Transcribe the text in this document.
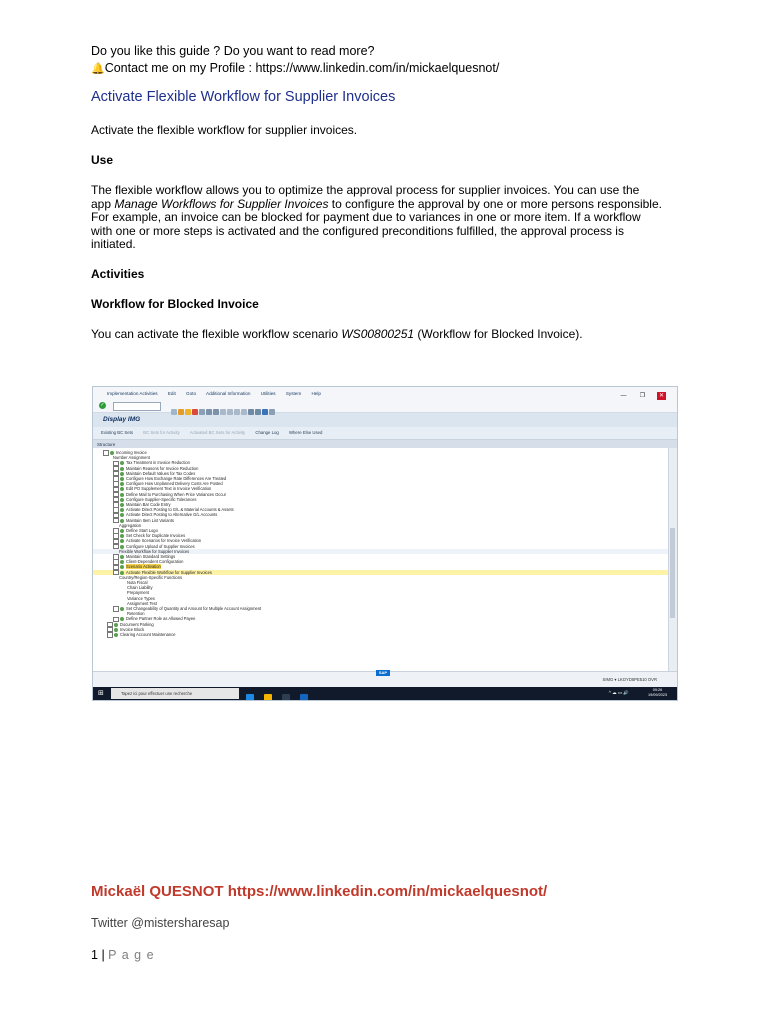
Do you like this guide ? Do you want to read more?
🔔Contact me on my Profile : https://www.linkedin.com/in/mickaelquesnot/
Activate Flexible Workflow for Supplier Invoices
Activate the flexible workflow for supplier invoices.
Use
The flexible workflow allows you to optimize the approval process for supplier invoices. You can use the
app Manage Workflows for Supplier Invoices to configure the approval by one or more persons responsible.
For example, an invoice can be blocked for payment due to variances in one or more item. If a workflow
with one or more steps is activated and the configured preconditions fulfilled, the approval process is
initiated.
Activities
Workflow for Blocked Invoice
You can activate the flexible workflow scenario WS00800251 (Workflow for Blocked Invoice).
Implementation Activities Edit Goto Additional Information Utilities System Help	— ❐ ✕
✓
Display IMG
Existing BC Sets BC Sets for Activity Activated BC Sets for Activity Change Log Where Else Used
Structure
Incoming Invoice
Number Assignment
Tax Treatment in Invoice Reduction
Maintain Reasons for Invoice Reduction
Maintain Default Values for Tax Codes
Configure How Exchange Rate Differences Are Treated
Configure How Unplanned Delivery Costs Are Posted
Edit PO Supplement Text in Invoice Verification
Define Mail to Purchasing When Price Variances Occur
Configure Supplier-Specific Tolerances
Maintain Bar Code Entry
Activate Direct Posting to G/L & Material Accounts & Assets
Activate Direct Posting to Alternative G/L Accounts
Maintain Item List Variants
Aggregation
Define Start Logo
Set Check for Duplicate Invoices
Activate Scenarios for Invoice Verification
Configure Upload of Supplier Invoices
Flexible Workflow for Supplier Invoices
Maintain Standard Settings
Client-Dependent Configuration
Scenario Activation
Activate Flexible Workflow for Supplier Invoices
Country/Region-Specific Functions
Nota Fiscal
Chain Liability
Prepayment
Variance Types
Assignment Test
Set Changeability of Quantity and Amount for Multiple Account Assignment
Retention
Define Partner Role as Allowed Payee
Document Parking
Invoice Block
Clearing Account Maintenance
SAP
SIMG ▾ LKOYD5PE510 OVR
⊞	Tapez ici pour effectuer une recherche	^ ☁ ▭ 🔊	09:26
19/09/2023
Mickaël QUESNOT https://www.linkedin.com/in/mickaelquesnot/
Twitter @mistersharesap
1 | P a g e
